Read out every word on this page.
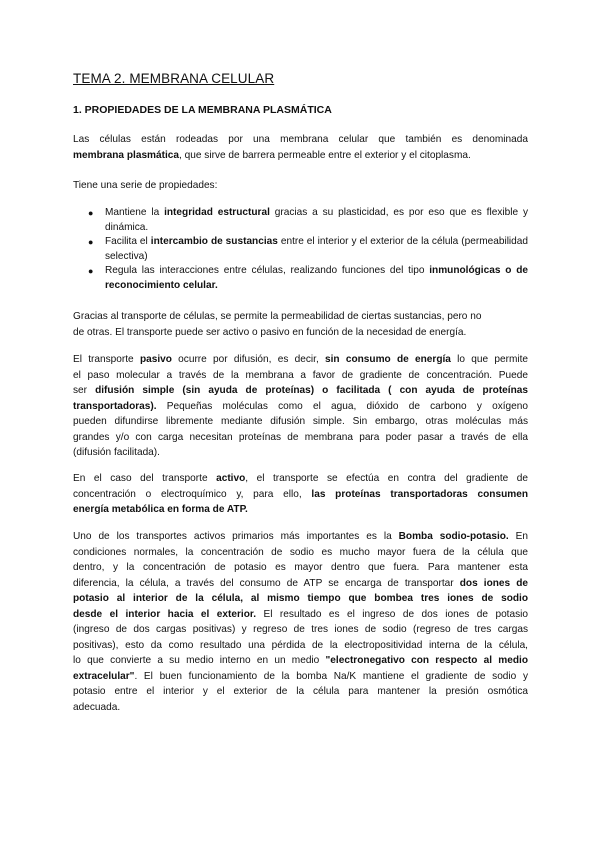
TEMA 2. MEMBRANA CELULAR
1. PROPIEDADES DE LA MEMBRANA PLASMÁTICA
Las células están rodeadas por una membrana celular que también es denominada
membrana plasmática, que sirve de barrera permeable entre el exterior y el citoplasma.
Tiene una serie de propiedades:
● Mantiene la integridad estructural gracias a su plasticidad, es por eso que es flexible y dinámica.
● Facilita el intercambio de sustancias entre el interior y el exterior de la célula (permeabilidad selectiva)
● Regula las interacciones entre células, realizando funciones del tipo inmunológicas o de reconocimiento celular.
Gracias al transporte de células, se permite la permeabilidad de ciertas sustancias, pero no
de otras. El transporte puede ser activo o pasivo en función de la necesidad de energía.
El transporte pasivo ocurre por difusión, es decir, sin consumo de energía lo que permite
el paso molecular a través de la membrana a favor de gradiente de concentración. Puede
ser difusión simple (sin ayuda de proteínas) o facilitada ( con ayuda de proteínas
transportadoras). Pequeñas moléculas como el agua, dióxido de carbono y oxígeno
pueden difundirse libremente mediante difusión simple. Sin embargo, otras moléculas más
grandes y/o con carga necesitan proteínas de membrana para poder pasar a través de ella
(difusión facilitada).
En el caso del transporte activo, el transporte se efectúa en contra del gradiente de
concentración o electroquímico y, para ello, las proteínas transportadoras consumen
energía metabólica en forma de ATP.
Uno de los transportes activos primarios más importantes es la Bomba sodio-potasio. En
condiciones normales, la concentración de sodio es mucho mayor fuera de la célula que
dentro, y la concentración de potasio es mayor dentro que fuera. Para mantener esta
diferencia, la célula, a través del consumo de ATP se encarga de transportar dos iones de
potasio al interior de la célula, al mismo tiempo que bombea tres iones de sodio
desde el interior hacia el exterior. El resultado es el ingreso de dos iones de potasio
(ingreso de dos cargas positivas) y regreso de tres iones de sodio (regreso de tres cargas
positivas), esto da como resultado una pérdida de la electropositividad interna de la célula,
lo que convierte a su medio interno en un medio "electronegativo con respecto al medio
extracelular". El buen funcionamiento de la bomba Na/K mantiene el gradiente de sodio y
potasio entre el interior y el exterior de la célula para mantener la presión osmótica
adecuada.
